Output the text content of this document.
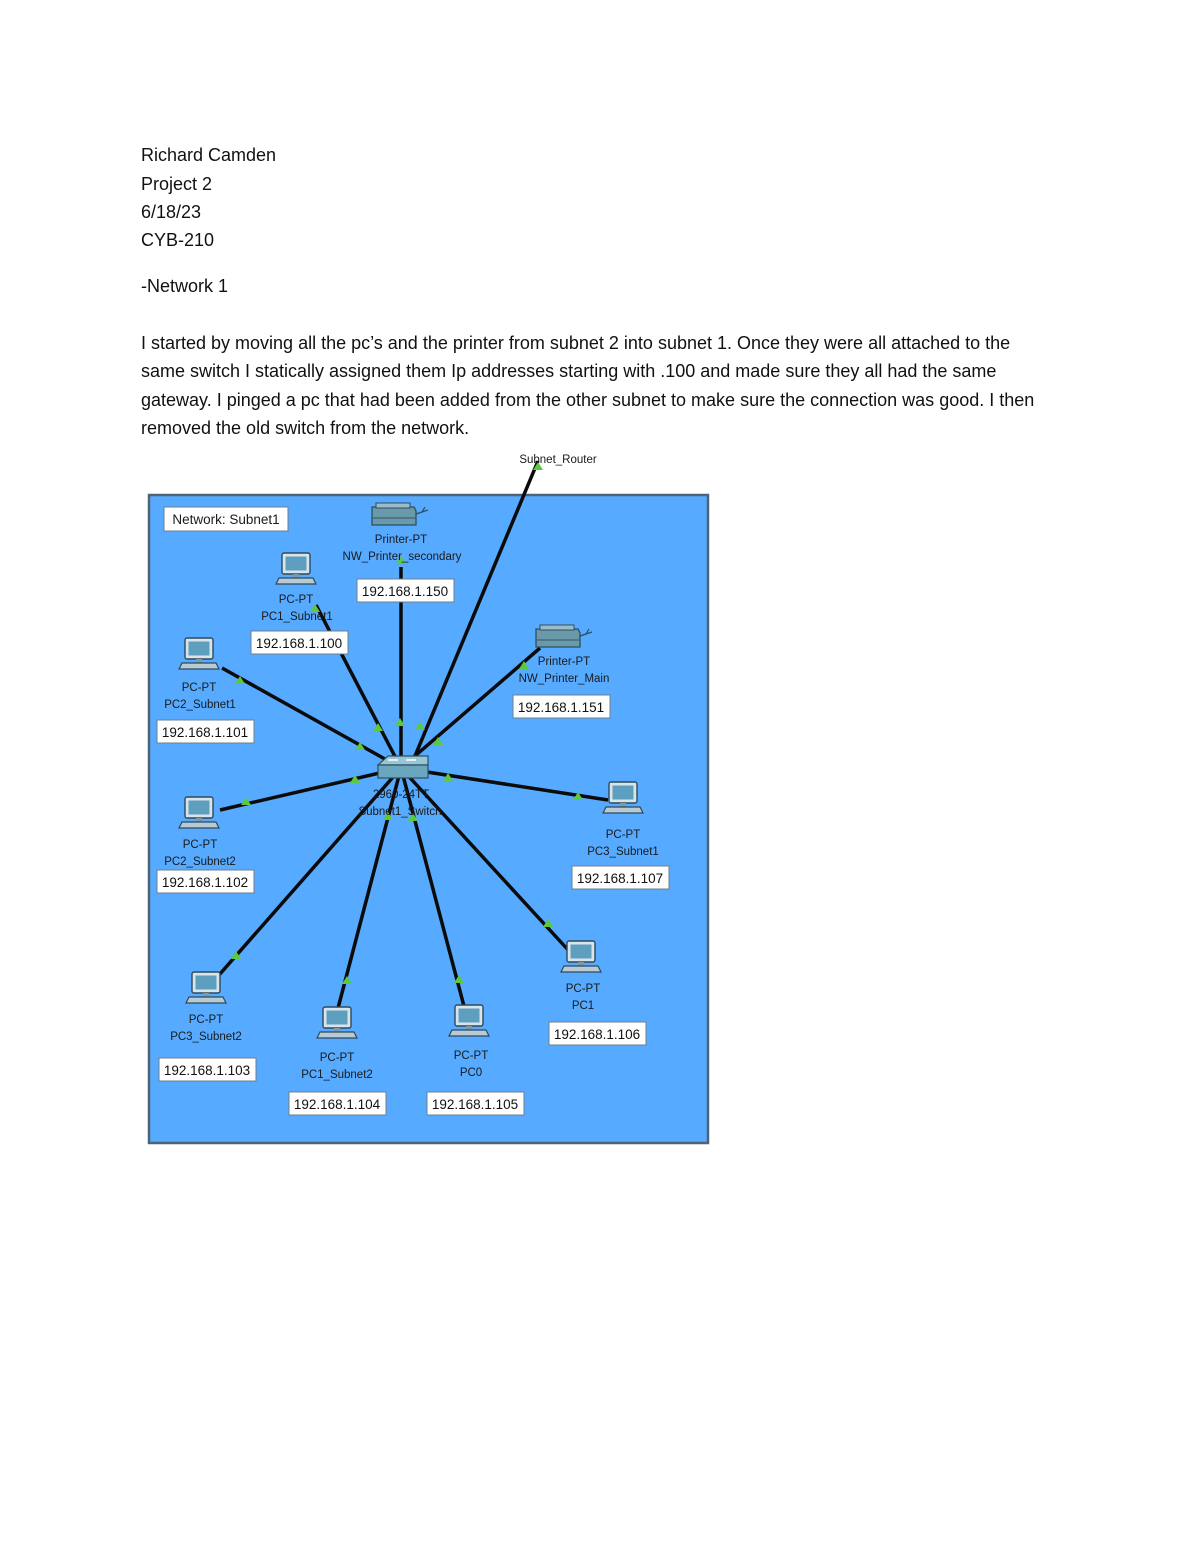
Richard Camden
Project 2
6/18/23
CYB-210
-Network 1
I started by moving all the pc’s and the printer from subnet 2 into subnet 1. Once they were all attached to the same switch I statically assigned them Ip addresses starting with .100 and made sure they all had the same gateway. I pinged a pc that had been added from the other subnet to make sure the connection was good. I then removed the old switch from the network.
Subnet_Router
Network: Subnet1
2960-24TT
Subnet1_Switch
Printer-PT
NW_Printer_secondary
192.168.1.150
PC-PT
PC1_Subnet1
192.168.1.100
PC-PT
PC2_Subnet1
192.168.1.101
Printer-PT
NW_Printer_Main
192.168.1.151
PC-PT
PC2_Subnet2
192.168.1.102
PC-PT
PC3_Subnet1
192.168.1.107
PC-PT
PC3_Subnet2
192.168.1.103
PC-PT
PC1_Subnet2
192.168.1.104
PC-PT
PC0
192.168.1.105
PC-PT
PC1
192.168.1.106
